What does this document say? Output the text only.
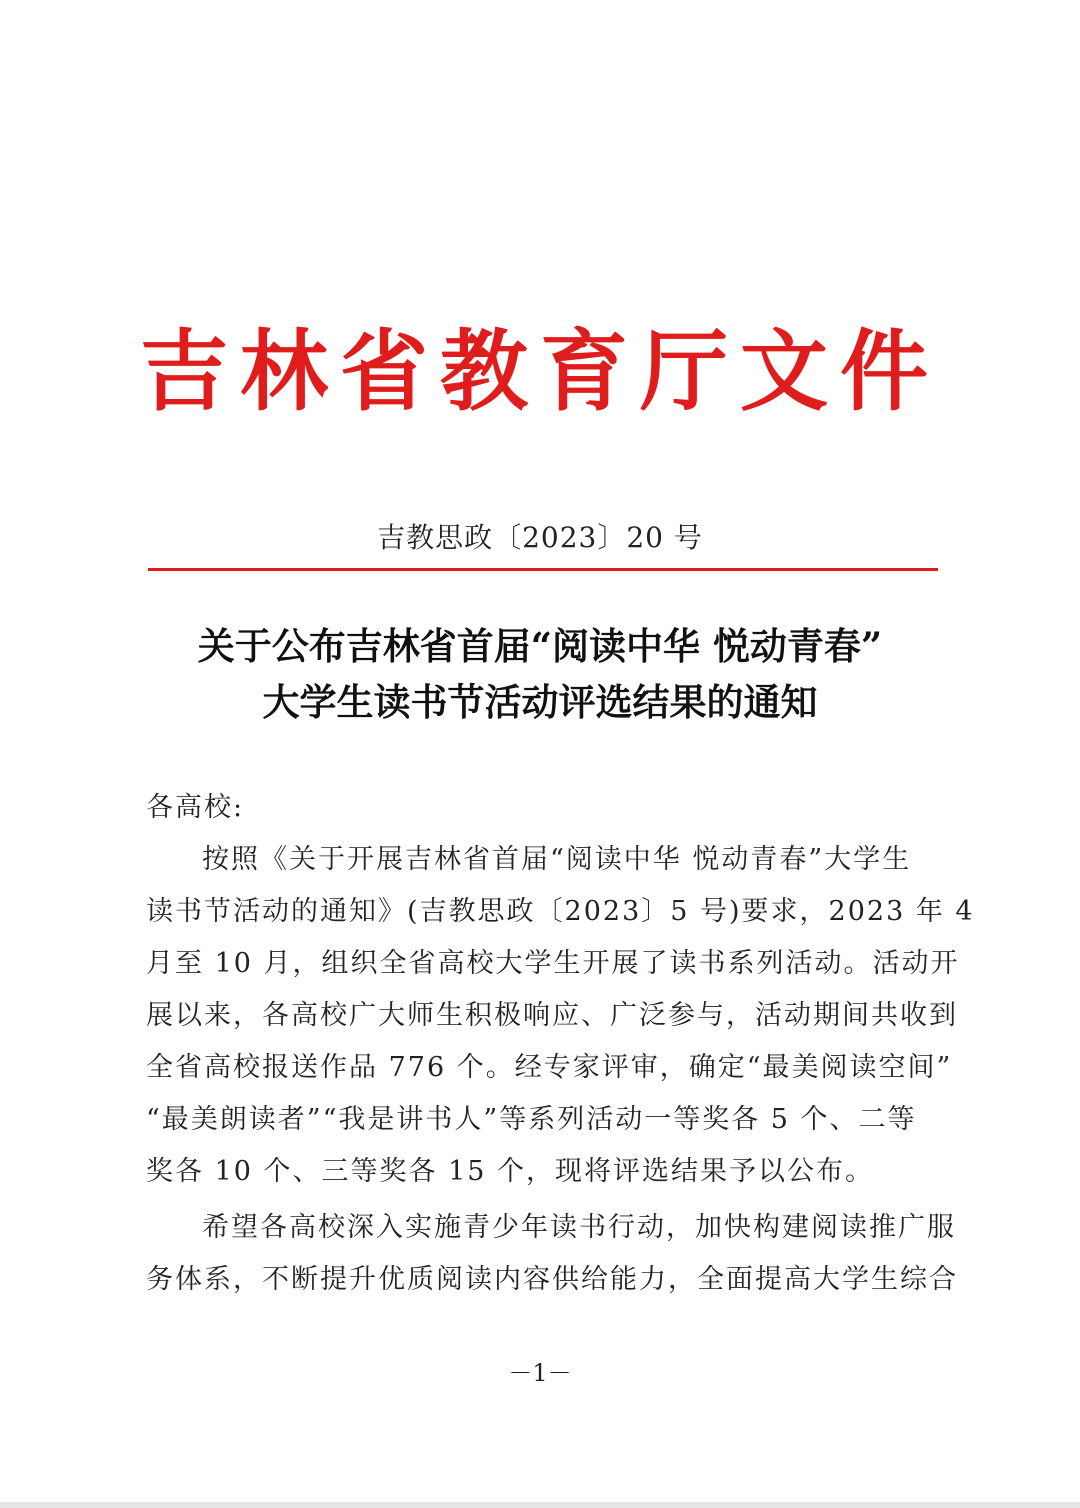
吉林省教育厅文件
吉教思政〔2023〕20 号
关于公布吉林省首届“阅读中华 悦动青春”
大学生读书节活动评选结果的通知
各高校:
按照《关于开展吉林省首届“阅读中华 悦动青春”大学生
读书节活动的通知》(吉教思政〔2023〕5 号)要求，2023 年 4
月至 10 月，组织全省高校大学生开展了读书系列活动。活动开
展以来，各高校广大师生积极响应、广泛参与，活动期间共收到
全省高校报送作品 776 个。经专家评审，确定“最美阅读空间”
“最美朗读者”“我是讲书人”等系列活动一等奖各 5 个、二等
奖各 10 个、三等奖各 15 个，现将评选结果予以公布。
希望各高校深入实施青少年读书行动，加快构建阅读推广服
务体系，不断提升优质阅读内容供给能力，全面提高大学生综合
－1－
